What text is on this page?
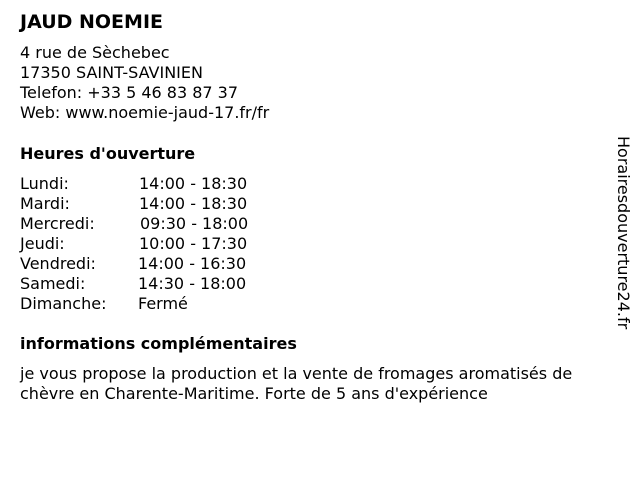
JAUD NOEMIE
4 rue de Sèchebec
17350 SAINT-SAVINIEN
Telefon: +33 5 46 83 87 37
Web: www.noemie-jaud-17.fr/fr
Heures d'ouverture
Lundi:	14:00 - 18:30
Mardi:	14:00 - 18:30
Mercredi:	09:30 - 18:00
Jeudi:	10:00 - 17:30
Vendredi:	14:00 - 16:30
Samedi:	14:30 - 18:00
Dimanche: Fermé
informations complémentaires
je vous propose la production et la vente de fromages aromatisés de
chèvre en Charente-Maritime. Forte de 5 ans d'expérience
Horairesdouverture24.fr
